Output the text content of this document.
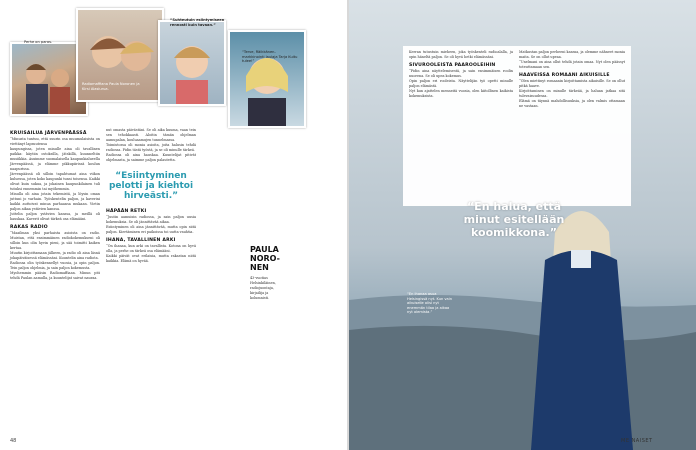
Perhe on paras.
Radiomaffiana Paula Noronen ja Kirsi Alasiurua.
“Suhteutuin esiintymiseen rennosti kuin tavaan.”
“Terve, Räikkänen-markkinointi laulaja Tarja Kuitu tulee!”
KRUISAILUA JÄRVENPÄÄSSÄ

“Minusta tuntuu, että suurin osa muumulaisista on viettänyt lapsuutensa

kaupungissa, joten minulle aina oli tavallinen paikka: käytiin ostoksilla, jätskillä, kuunneltiin musiikkia. Asuimme suomalaisella kaupunkialueella Järvenpäässä, ja elämme pikkupiirissä koulun naapurissa.

Järvenpäässä oli silloin tapahtumat aina viikon kuluessa, joten koko kaupunki tunsi toisensa. Kaikki olivat kuin sukua, ja jokainen kaupunkilainen tuli tutuksi ennemmin tai myöhemmin.

Minulla oli aina jotain tekemistä, ja löysin oman juttuni jo varhain. Työskentelin paljon, ja kaverini kaikki auttoivat minua parhaansa mukaan. Vietin paljon aikaa ystävien kanssa.

Juttelin paljon ystävien kanssa, ja meillä oli hauskaa. Kaverit olivat tärkeä osa elämääni.

RAKAS RADIO

“Maailman yksi parhaista asioista on radio. Muistan, että ensimmäinen radiokokemukseni oli silloin kun olin hyvin pieni, ja sää toimitti kaiken kertaa.

Muutin kirjoittamaan jälkeen, ja radio oli aina läsnä jokapäiväisessä elämässäni. Kuuntelin aina radiota.

Radiossa olin työskennellyt vuosia, ja opin paljon. Tein paljon ohjelmia, ja sain paljon kokemusta.

Myohemmin pääsin Radiomaffiaan. Minun piti tehdä Paulan aamulla, ja kuuntelijat saivat nauraa.

nut omasta päivästäni. Se oli aika kuuma, vaan tein sen tehokkaasti. Aloitin tämän ohjelman aamupalan, kouluaamujen tunnelmassa.

Toimistossa oli monia asioita, joita halusin tehdä radiossa. Pidin tästä työstä, ja se oli minulle tärkeä.

Radiossa oli aina hauskaa. Kuuntelijat pitivät ohjelmasta, ja saimme paljon palautetta.

“Esiintyminen pelotti ja kiehtoi hirveästi.”
HÄPÄÄN RETKI

“Juutin aamuisin radiossa, ja sain paljon uusia kokemuksia. Se oli jännittävää aikaa.

Esiintyminen oli aina jännittävää, mutta opin siitä paljon. Kiertäminen eri paikoissa toi uutta vauhtia.

IHANA, TAVALLINEN ARKI

“On ihanaa, kun arki on tavallista. Kotona on hyvä olla, ja perhe on tärkeä osa elämääni.

Kaikki päivät ovat erilaisia, mutta rakastan niitä kaikkia. Elämä on hyvää.

PAULA NORO-NEN

43-vuotias Helsinkiläinen, radiojuontaja, kirjailija ja kolumnisti.

48

Kerran tutustuin mieheen, joka työskenteli radioalalla, ja opin häneltä paljon. Se oli hyvä hetki elämässäni.

SIVUROOLEISTA PAAROOLEIHIN

“Pidin aina näyttelemisestä, ja sain ensimmäisen roolin nuorena. Se oli upea kokemus.

Opin paljon eri rooleista. Näyttelijän työ opetti minulle paljon elämästä.

Nyt kun ajattelen menneitä vuosia, olen kiitollinen kaikista kokemuksista.

Matkustan paljon perheeni kanssa, ja olemme nähneet monia maita. Se on ollut upeaa.

“Unelmani on aina ollut tehdä jotain omaa. Nyt olen päässyt toteuttamaan sen.

HAAVEISSA ROMAANI AIKUISILLE

“Olen miettinyt romaanin kirjoittamista aikuisille. Se on ollut pitkä haave.

Kirjoittaminen on minulle tärkeää, ja haluan jatkaa sitä tulevaisuudessa.

Elämä on täynnä mahdollisuuksia, ja olen valmis ottamaan ne vastaan.

“En halua, että minut esitellään koomikkona.”
“En ihanaa asua Helsingissä nyt. Kun vain aikuiselle olisi nyt enemmän tilaa ja aikaa nyt olemista.”
ME NAISET
